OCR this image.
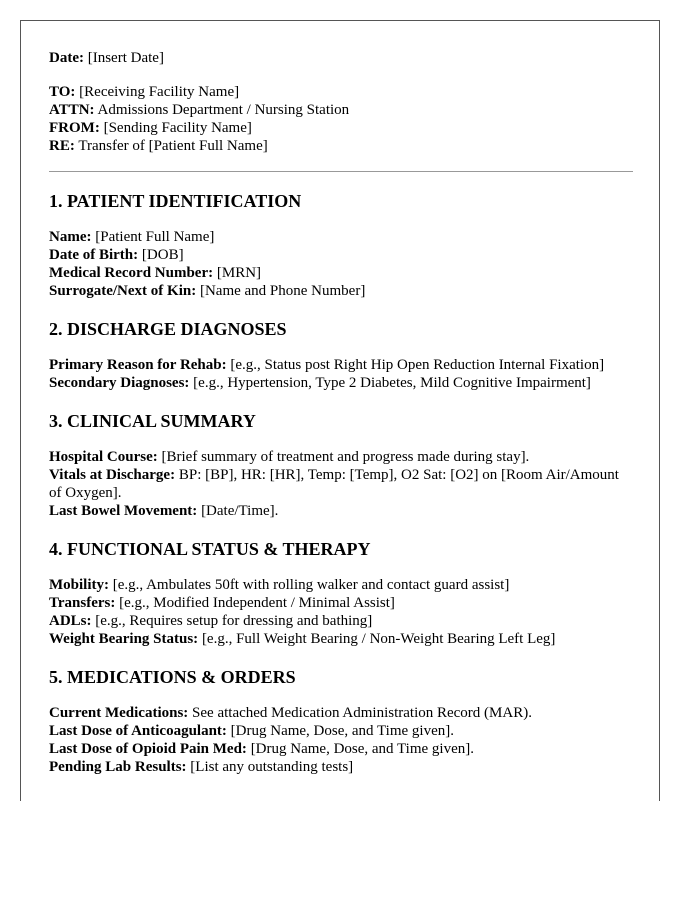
Date: [Insert Date]

TO: [Receiving Facility Name]

ATTN: Admissions Department / Nursing Station

FROM: [Sending Facility Name]

RE: Transfer of [Patient Full Name]

1. PATIENT IDENTIFICATION

Name: [Patient Full Name]

Date of Birth: [DOB]

Medical Record Number: [MRN]

Surrogate/Next of Kin: [Name and Phone Number]

2. DISCHARGE DIAGNOSES

Primary Reason for Rehab: [e.g., Status post Right Hip Open Reduction Internal Fixation]

Secondary Diagnoses: [e.g., Hypertension, Type 2 Diabetes, Mild Cognitive Impairment]

3. CLINICAL SUMMARY

Hospital Course: [Brief summary of treatment and progress made during stay].

Vitals at Discharge: BP: [BP], HR: [HR], Temp: [Temp], O2 Sat: [O2] on [Room Air/Amount of Oxygen].

Last Bowel Movement: [Date/Time].

4. FUNCTIONAL STATUS & THERAPY

Mobility: [e.g., Ambulates 50ft with rolling walker and contact guard assist]

Transfers: [e.g., Modified Independent / Minimal Assist]

ADLs: [e.g., Requires setup for dressing and bathing]

Weight Bearing Status: [e.g., Full Weight Bearing / Non-Weight Bearing Left Leg]

5. MEDICATIONS & ORDERS

Current Medications: See attached Medication Administration Record (MAR).

Last Dose of Anticoagulant: [Drug Name, Dose, and Time given].

Last Dose of Opioid Pain Med: [Drug Name, Dose, and Time given].

Pending Lab Results: [List any outstanding tests]
